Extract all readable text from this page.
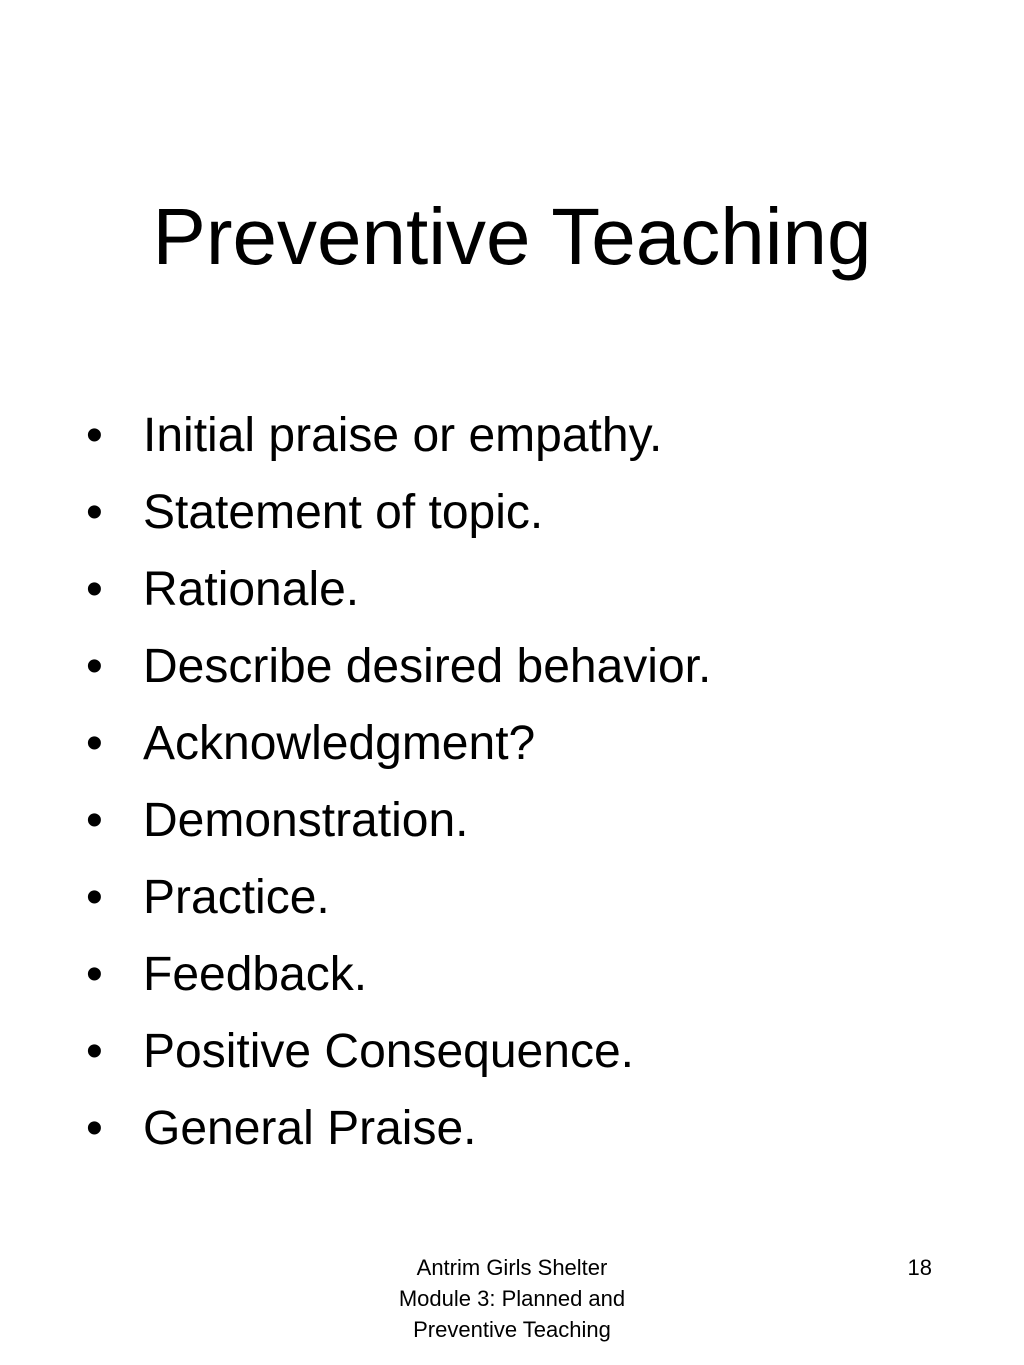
Preventive Teaching
• Initial praise or empathy.
• Statement of topic.
• Rationale.
• Describe desired behavior.
• Acknowledgment?
• Demonstration.
• Practice.
• Feedback.
• Positive Consequence.
• General Praise.
Antrim Girls Shelter
Module 3: Planned and
Preventive Teaching
18
